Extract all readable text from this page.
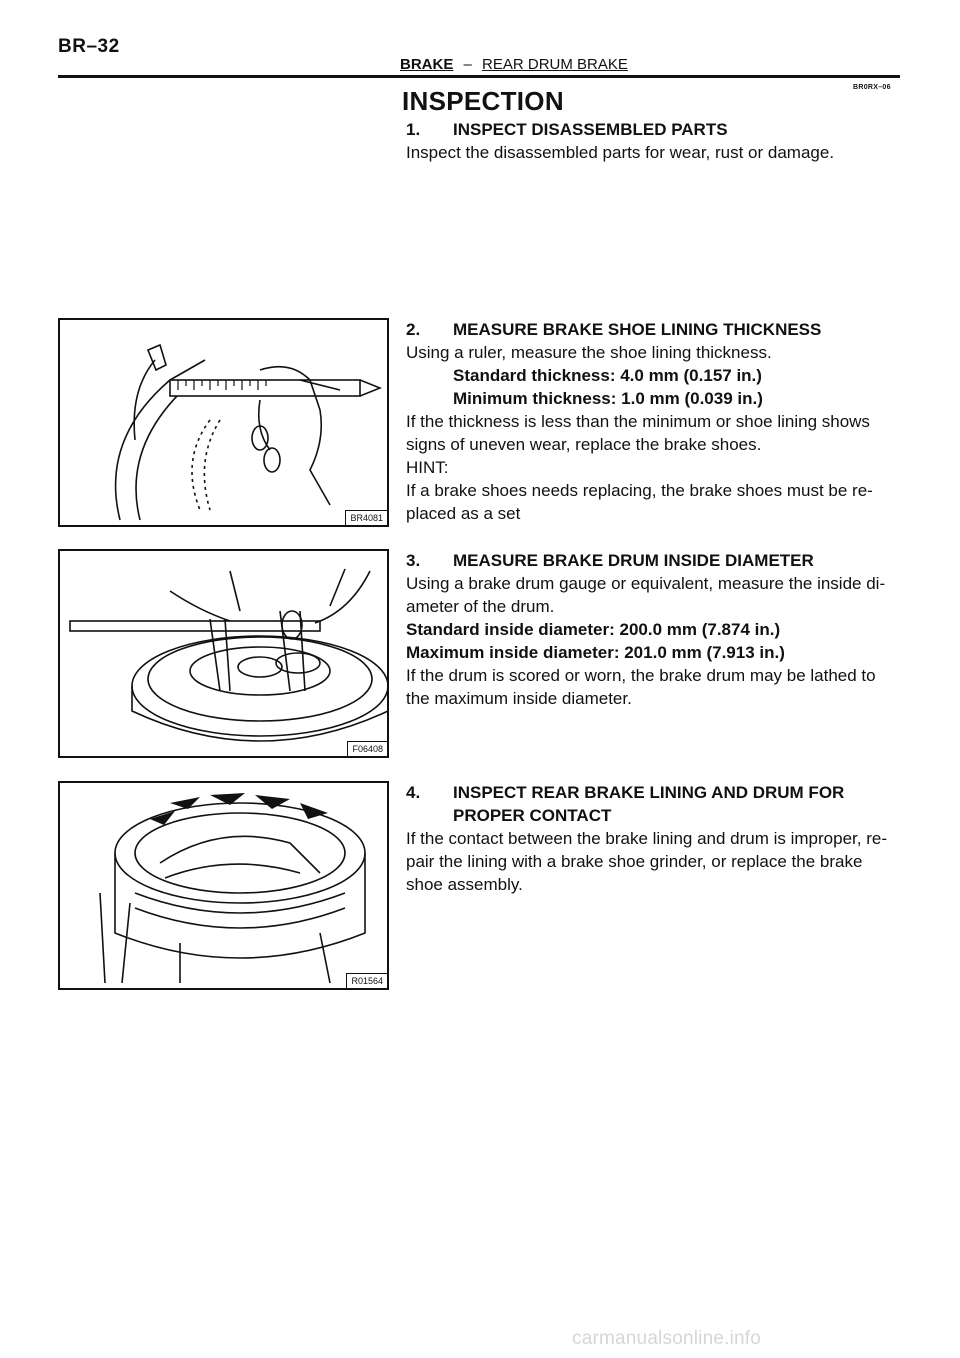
BR–32
BRAKE – REAR DRUM BRAKE
BR0RX–06
INSPECTION
1. INSPECT DISASSEMBLED PARTS
Inspect the disassembled parts for wear, rust or damage.
2. MEASURE BRAKE SHOE LINING THICKNESS
Using a ruler, measure the shoe lining thickness.
Standard thickness: 4.0 mm (0.157 in.)
Minimum thickness: 1.0 mm (0.039 in.)
If the thickness is less than the minimum or shoe lining shows
signs of uneven wear, replace the brake shoes.
HINT:
If a brake shoes needs replacing, the brake shoes must be re-
placed as a set
3. MEASURE BRAKE DRUM INSIDE DIAMETER
Using a brake drum gauge or equivalent, measure the inside di-
ameter of the drum.
Standard inside diameter: 200.0 mm (7.874 in.)
Maximum inside diameter: 201.0 mm (7.913 in.)
If the drum is scored or worn, the brake drum may be lathed to
the maximum inside diameter.
4. INSPECT REAR BRAKE LINING AND DRUM FOR
PROPER CONTACT
If the contact between the brake lining and drum is improper, re-
pair the lining with a brake shoe grinder, or replace the brake
shoe assembly.
BR4081
F06408
R01564
carmanualsonline.info
